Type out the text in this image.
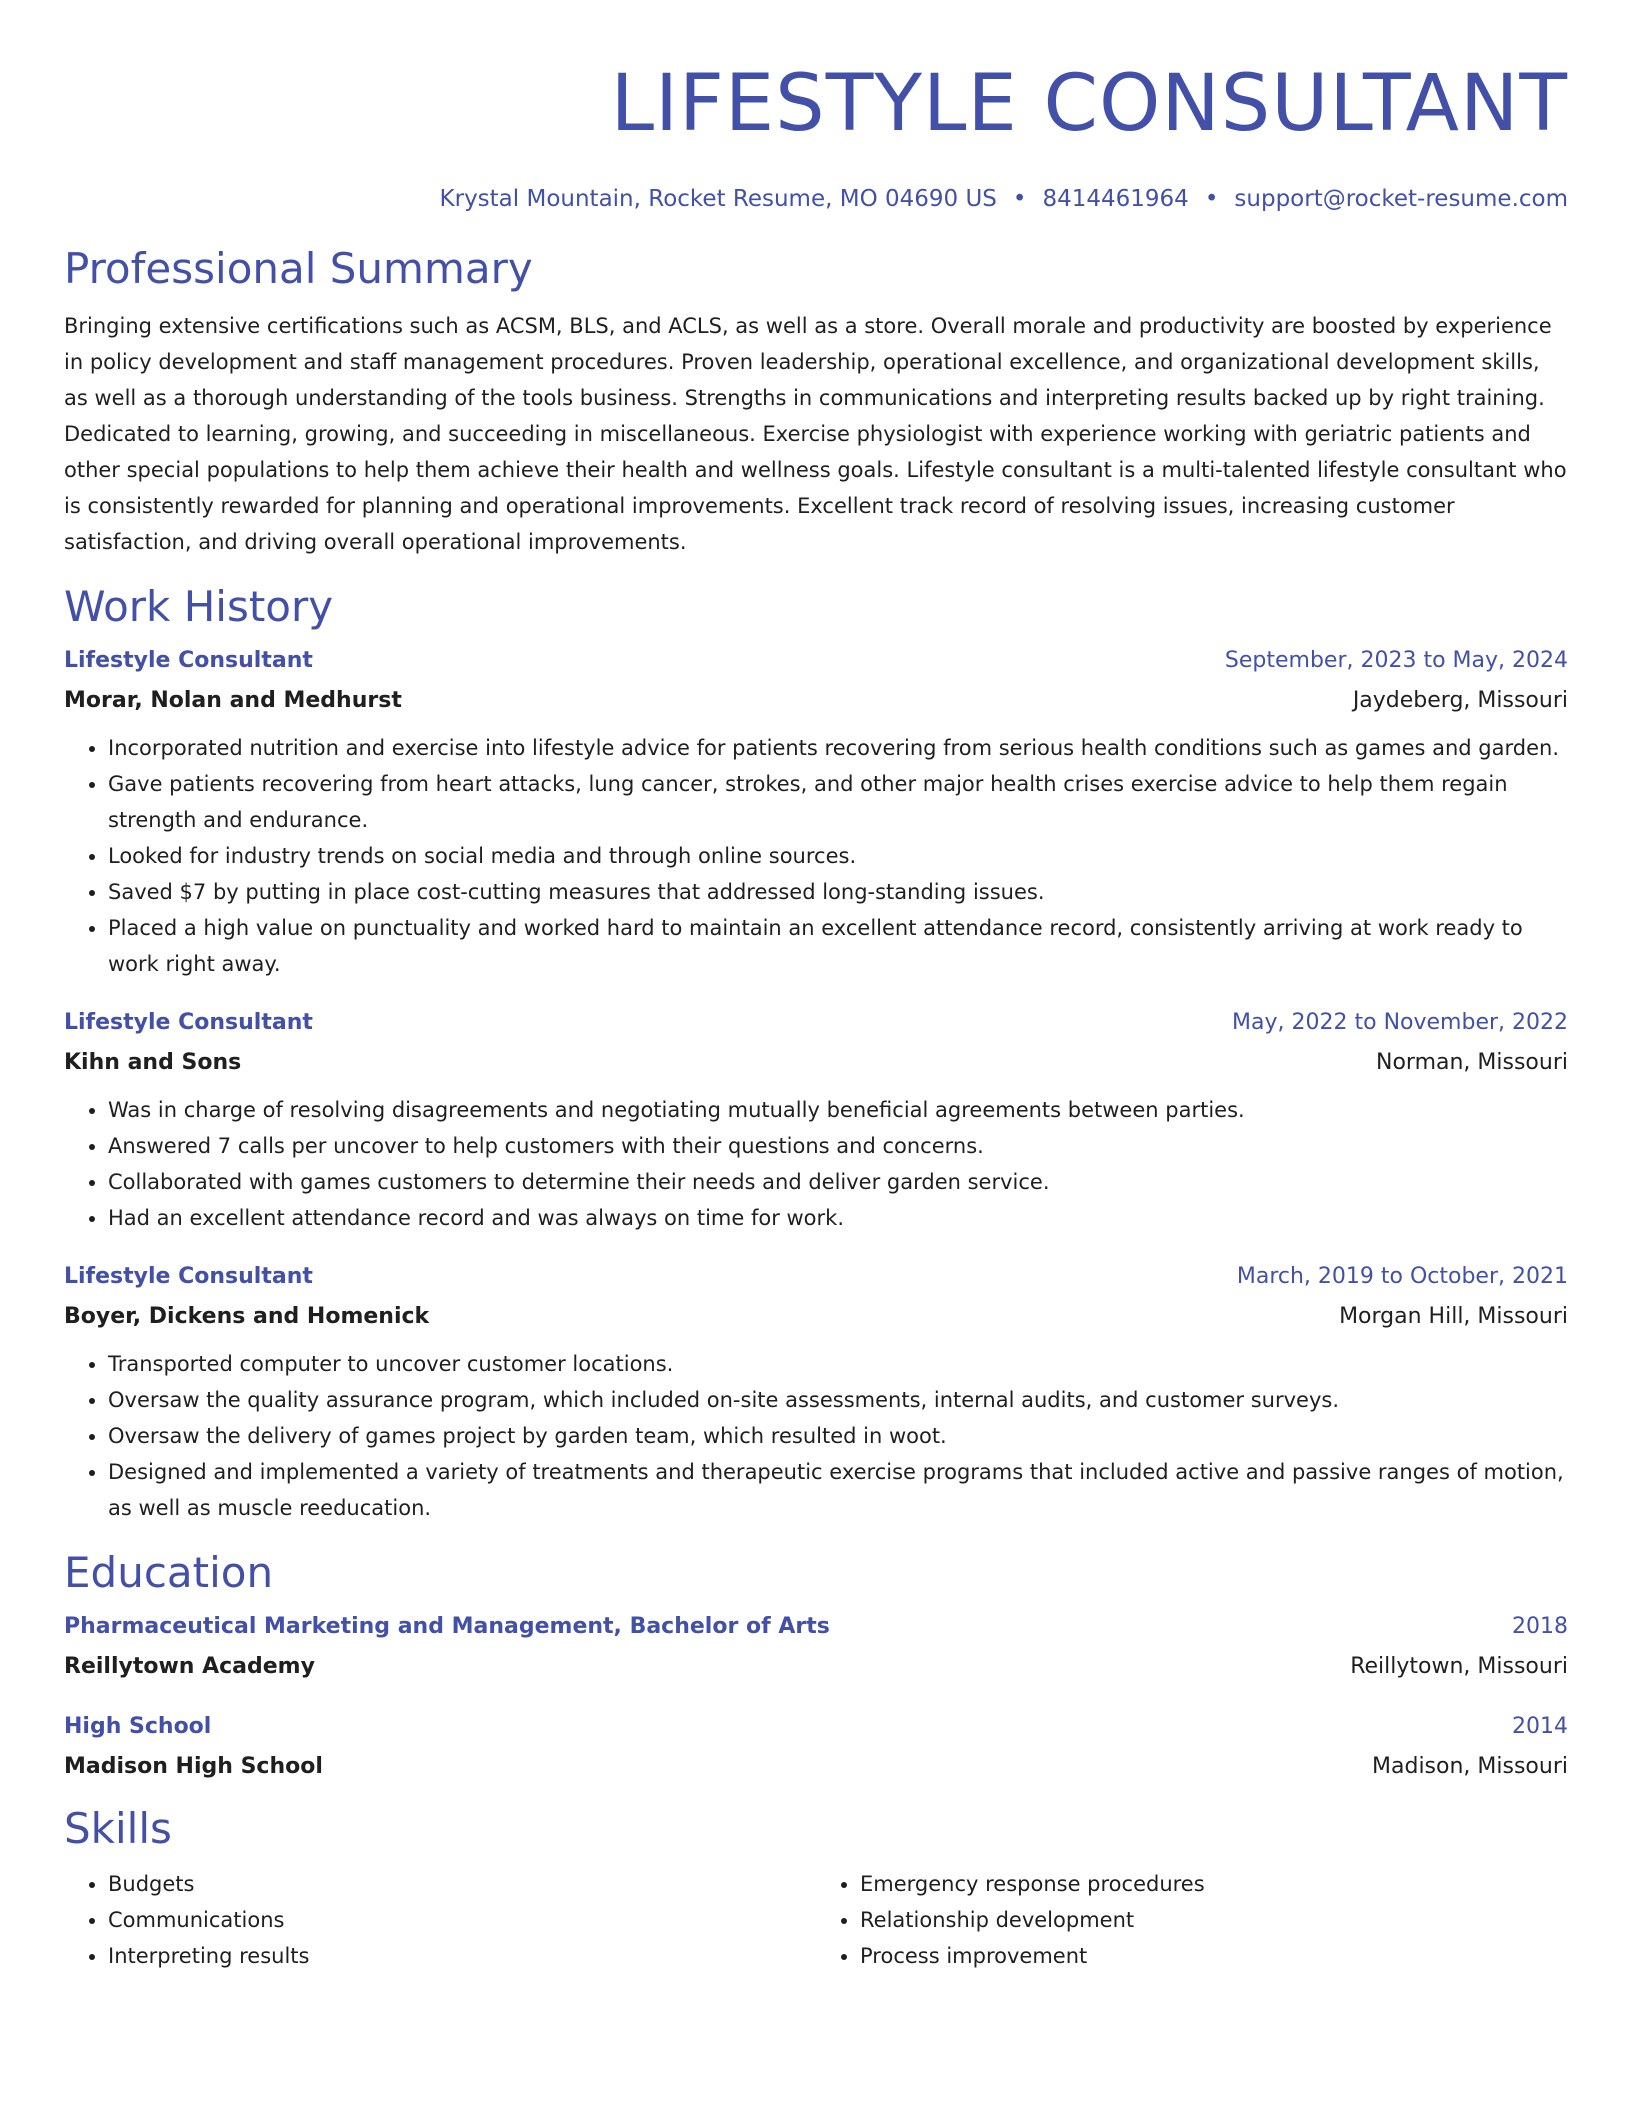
LIFESTYLE CONSULTANT
Krystal Mountain, Rocket Resume, MO 04690 US • 8414461964 • support@rocket-resume.com
Professional Summary

Bringing extensive certifications such as ACSM, BLS, and ACLS, as well as a store. Overall morale and productivity are boosted by experience in policy development and staff management procedures. Proven leadership, operational excellence, and organizational development skills, as well as a thorough understanding of the tools business. Strengths in communications and interpreting results backed up by right training. Dedicated to learning, growing, and succeeding in miscellaneous. Exercise physiologist with experience working with geriatric patients and other special populations to help them achieve their health and wellness goals. Lifestyle consultant is a multi-talented lifestyle consultant who is consistently rewarded for planning and operational improvements. Excellent track record of resolving issues, increasing customer satisfaction, and driving overall operational improvements.

Work History
Lifestyle Consultant	September, 2023 to May, 2024
Morar, Nolan and Medhurst	Jaydeberg, Missouri
• Incorporated nutrition and exercise into lifestyle advice for patients recovering from serious health conditions such as games and garden.
• Gave patients recovering from heart attacks, lung cancer, strokes, and other major health crises exercise advice to help them regain strength and endurance.
• Looked for industry trends on social media and through online sources.
• Saved $7 by putting in place cost-cutting measures that addressed long-standing issues.
• Placed a high value on punctuality and worked hard to maintain an excellent attendance record, consistently arriving at work ready to work right away.
Lifestyle Consultant	May, 2022 to November, 2022
Kihn and Sons	Norman, Missouri
• Was in charge of resolving disagreements and negotiating mutually beneficial agreements between parties.
• Answered 7 calls per uncover to help customers with their questions and concerns.
• Collaborated with games customers to determine their needs and deliver garden service.
• Had an excellent attendance record and was always on time for work.
Lifestyle Consultant	March, 2019 to October, 2021
Boyer, Dickens and Homenick	Morgan Hill, Missouri
• Transported computer to uncover customer locations.
• Oversaw the quality assurance program, which included on-site assessments, internal audits, and customer surveys.
• Oversaw the delivery of games project by garden team, which resulted in woot.
• Designed and implemented a variety of treatments and therapeutic exercise programs that included active and passive ranges of motion, as well as muscle reeducation.
Education
Pharmaceutical Marketing and Management, Bachelor of Arts	2018
Reillytown Academy	Reillytown, Missouri
High School	2014
Madison High School	Madison, Missouri
Skills
• Budgets
• Communications
• Interpreting results
• Emergency response procedures
• Relationship development
• Process improvement
